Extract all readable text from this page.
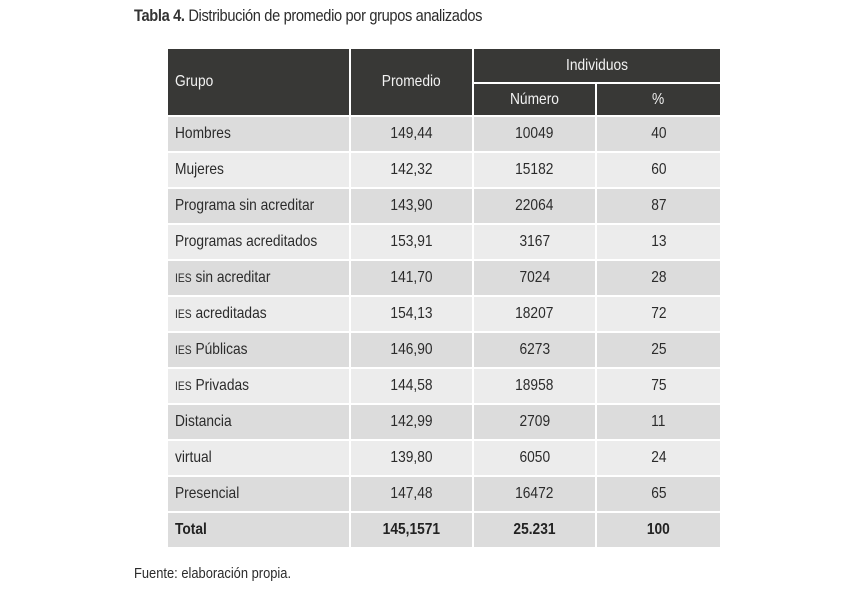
Tabla 4. Distribución de promedio por grupos analizados
Grupo	Promedio	Individuos	
		Número	%
Hombres	149,44	10049	40
Mujeres	142,32	15182	60
Programa sin acreditar	143,90	22064	87
Programas acreditados	153,91	3167	13
IES sin acreditar	141,70	7024	28
IES acreditadas	154,13	18207	72
IES Públicas	146,90	6273	25
IES Privadas	144,58	18958	75
Distancia	142,99	2709	11
virtual	139,80	6050	24
Presencial	147,48	16472	65
Total	145,1571	25.231	100
Fuente: elaboración propia.
